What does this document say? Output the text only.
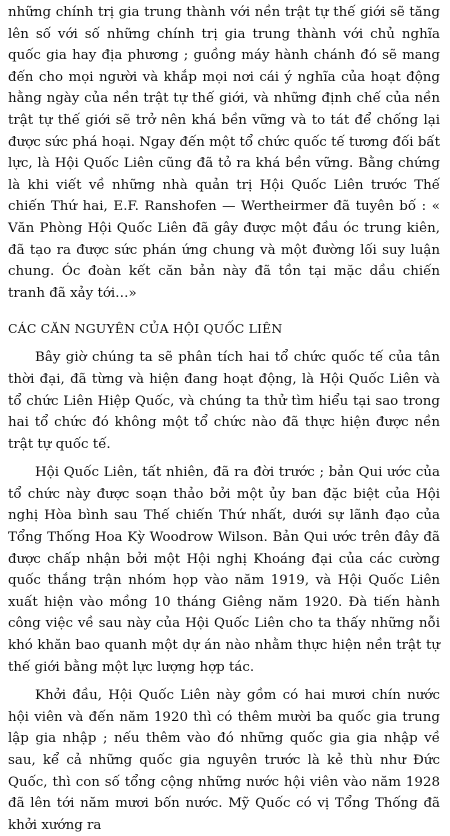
những chính trị gia trung thành với nền trật tự thế giới sẽ tăng lên số với số những chính trị gia trung thành với chủ nghĩa quốc gia hay địa phương ; guồng máy hành chánh đó sẽ mang đến cho mọi người và khắp mọi nơi cái ý nghĩa của hoạt động hằng ngày của nền trật tự thế giới, và những định chế của nền trật tự thế giới sẽ trở nên khá bền vững và to tát để chống lại được sức phá hoại. Ngay đến một tổ chức quốc tế tương đối bất lực, là Hội Quốc Liên cũng đã tỏ ra khá bền vững. Bằng chứng là khi viết về những nhà quản trị Hội Quốc Liên trước Thế chiến Thứ hai, E.F. Ranshofen — Wertheirmer đã tuyên bố : « Văn Phòng Hội Quốc Liên đã gây được một đầu óc trung kiên, đã tạo ra được sức phán ứng chung và một đường lối suy luận chung. Óc đoàn kết căn bản này đã tồn tại mặc dầu chiến tranh đã xảy tới…»

CÁC CĂN NGUYÊN CỦA HỘI QUỐC LIÊN

Bây giờ chúng ta sẽ phân tích hai tổ chức quốc tế của tân thời đại, đã từng và hiện đang hoạt động, là Hội Quốc Liên và tổ chức Liên Hiệp Quốc, và chúng ta thử tìm hiểu tại sao trong hai tổ chức đó không một tổ chức nào đã thực hiện được nền trật tự quốc tế.

Hội Quốc Liên, tất nhiên, đã ra đời trước ; bản Qui ước của tổ chức này được soạn thảo bởi một ủy ban đặc biệt của Hội nghị Hòa bình sau Thế chiến Thứ nhất, dưới sự lãnh đạo của Tổng Thống Hoa Kỳ Woodrow Wilson. Bản Qui ước trên đây đã được chấp nhận bởi một Hội nghị Khoáng đại của các cường quốc thắng trận nhóm họp vào năm 1919, và Hội Quốc Liên xuất hiện vào mồng 10 tháng Giêng năm 1920. Đà tiến hành công việc về sau này của Hội Quốc Liên cho ta thấy những nỗi khó khăn bao quanh một dự án nào nhằm thực hiện nền trật tự thế giới bằng một lực lượng hợp tác.

Khởi đầu, Hội Quốc Liên này gồm có hai mươi chín nước hội viên và đến năm 1920 thì có thêm mười ba quốc gia trung lập gia nhập ; nếu thêm vào đó những quốc gia gia nhập về sau, kể cả những quốc gia nguyên trước là kẻ thù như Đức Quốc, thì con số tổng cộng những nước hội viên vào năm 1928 đã lên tới năm mươi bốn nước. Mỹ Quốc có vị Tổng Thống đã khởi xướng ra
